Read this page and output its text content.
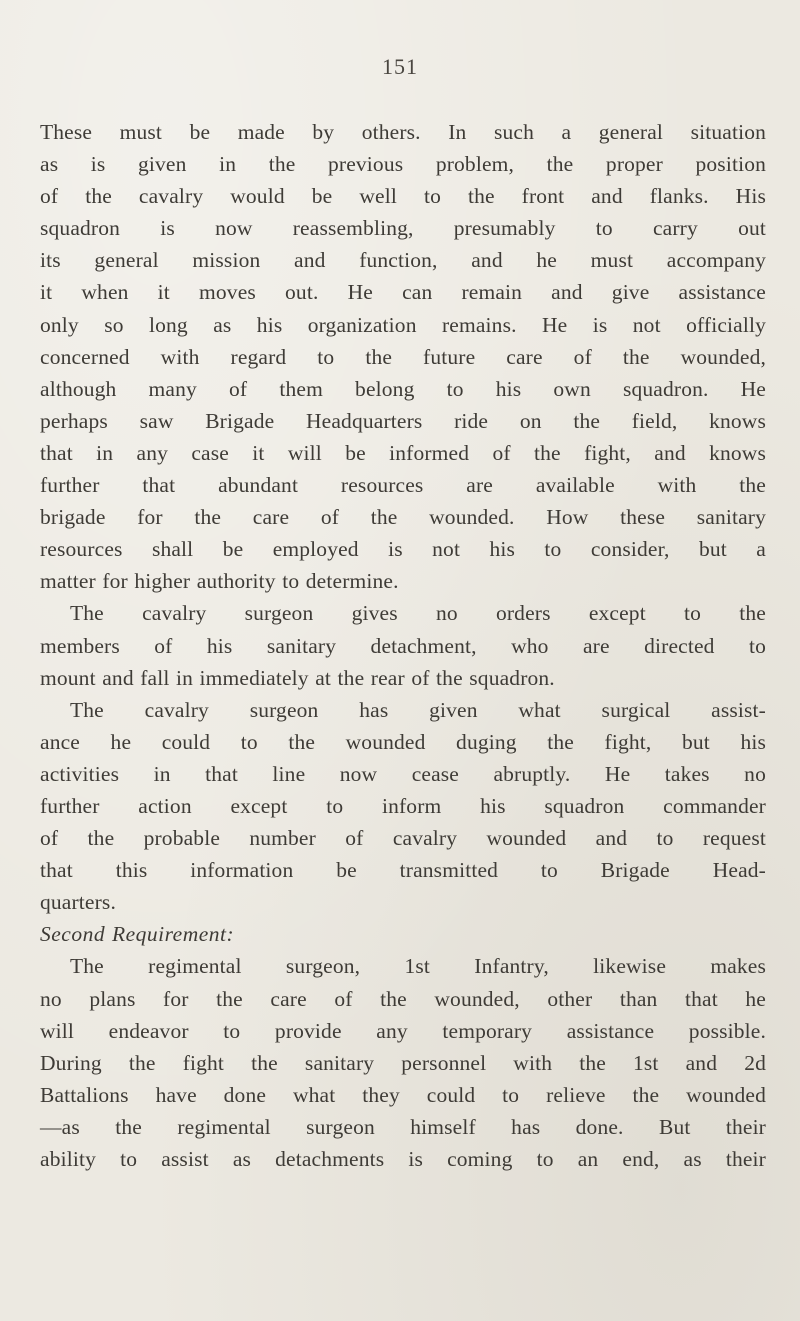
151
These must be made by others. In such a general situation
as is given in the previous problem, the proper position
of the cavalry would be well to the front and flanks. His
squadron is now reassembling, presumably to carry out
its general mission and function, and he must accompany
it when it moves out. He can remain and give assistance
only so long as his organization remains. He is not officially
concerned with regard to the future care of the wounded,
although many of them belong to his own squadron. He
perhaps saw Brigade Headquarters ride on the field, knows
that in any case it will be informed of the fight, and knows
further that abundant resources are available with the
brigade for the care of the wounded. How these sanitary
resources shall be employed is not his to consider, but a
matter for higher authority to determine.
The cavalry surgeon gives no orders except to the
members of his sanitary detachment, who are directed to
mount and fall in immediately at the rear of the squadron.
The cavalry surgeon has given what surgical assist-
ance he could to the wounded duging the fight, but his
activities in that line now cease abruptly. He takes no
further action except to inform his squadron commander
of the probable number of cavalry wounded and to request
that this information be transmitted to Brigade Head-
quarters.
Second Requirement:
The regimental surgeon, 1st Infantry, likewise makes
no plans for the care of the wounded, other than that he
will endeavor to provide any temporary assistance possible.
During the fight the sanitary personnel with the 1st and 2d
Battalions have done what they could to relieve the wounded
—as the regimental surgeon himself has done. But their
ability to assist as detachments is coming to an end, as their
